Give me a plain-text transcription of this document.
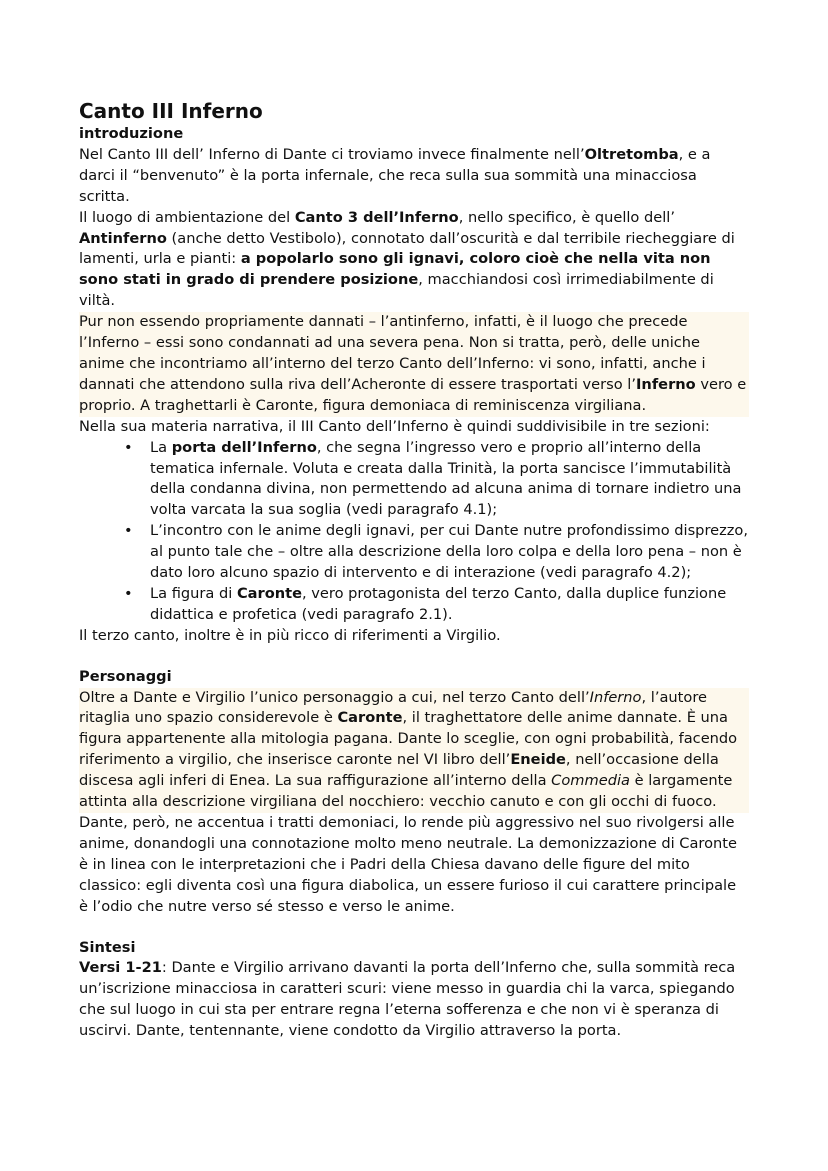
Canto III Inferno
introduzione

Nel Canto III dell’ Inferno di Dante ci troviamo invece finalmente nell’Oltretomba, e a darci il “benvenuto” è la porta infernale, che reca sulla sua sommità una minacciosa scritta.

Il luogo di ambientazione del Canto 3 dell’Inferno, nello specifico, è quello dell’ Antinferno (anche detto Vestibolo), connotato dall’oscurità e dal terribile riecheggiare di lamenti, urla e pianti: a popolarlo sono gli ignavi, coloro cioè che nella vita non sono stati in grado di prendere posizione, macchiandosi così irrimediabilmente di viltà.

Pur non essendo propriamente dannati – l’antinferno, infatti, è il luogo che precede l’Inferno – essi sono condannati ad una severa pena. Non si tratta, però, delle uniche anime che incontriamo all’interno del terzo Canto dell’Inferno: vi sono, infatti, anche i dannati che attendono sulla riva dell’Acheronte di essere trasportati verso l’Inferno vero e proprio. A traghettarli è Caronte, figura demoniaca di reminiscenza virgiliana.

Nella sua materia narrativa, il III Canto dell’Inferno è quindi suddivisibile in tre sezioni:

• La porta dell’Inferno, che segna l’ingresso vero e proprio all’interno della tematica infernale. Voluta e creata dalla Trinità, la porta sancisce l’immutabilità della condanna divina, non permettendo ad alcuna anima di tornare indietro una volta varcata la sua soglia (vedi paragrafo 4.1);
• L’incontro con le anime degli ignavi, per cui Dante nutre profondissimo disprezzo, al punto tale che – oltre alla descrizione della loro colpa e della loro pena – non è dato loro alcuno spazio di intervento e di interazione (vedi paragrafo 4.2);
• La figura di Caronte, vero protagonista del terzo Canto, dalla duplice funzione didattica e profetica (vedi paragrafo 2.1).

Il terzo canto, inoltre è in più ricco di riferimenti a Virgilio.

Personaggi

Oltre a Dante e Virgilio l’unico personaggio a cui, nel terzo Canto dell’Inferno, l’autore ritaglia uno spazio considerevole è Caronte, il traghettatore delle anime dannate. È una figura appartenente alla mitologia pagana. Dante lo sceglie, con ogni probabilità, facendo riferimento a virgilio, che inserisce caronte nel VI libro dell’Eneide, nell’occasione della discesa agli inferi di Enea. La sua raffigurazione all’interno della Commedia è largamente attinta alla descrizione virgiliana del nocchiero: vecchio canuto e con gli occhi di fuoco.

Dante, però, ne accentua i tratti demoniaci, lo rende più aggressivo nel suo rivolgersi alle anime, donandogli una connotazione molto meno neutrale. La demonizzazione di Caronte è in linea con le interpretazioni che i Padri della Chiesa davano delle figure del mito classico: egli diventa così una figura diabolica, un essere furioso il cui carattere principale è l’odio che nutre verso sé stesso e verso le anime.

Sintesi

Versi 1-21: Dante e Virgilio arrivano davanti la porta dell’Inferno che, sulla sommità reca un’iscrizione minacciosa in caratteri scuri: viene messo in guardia chi la varca, spiegando che sul luogo in cui sta per entrare regna l’eterna sofferenza e che non vi è speranza di uscirvi. Dante, tentennante, viene condotto da Virgilio attraverso la porta.
